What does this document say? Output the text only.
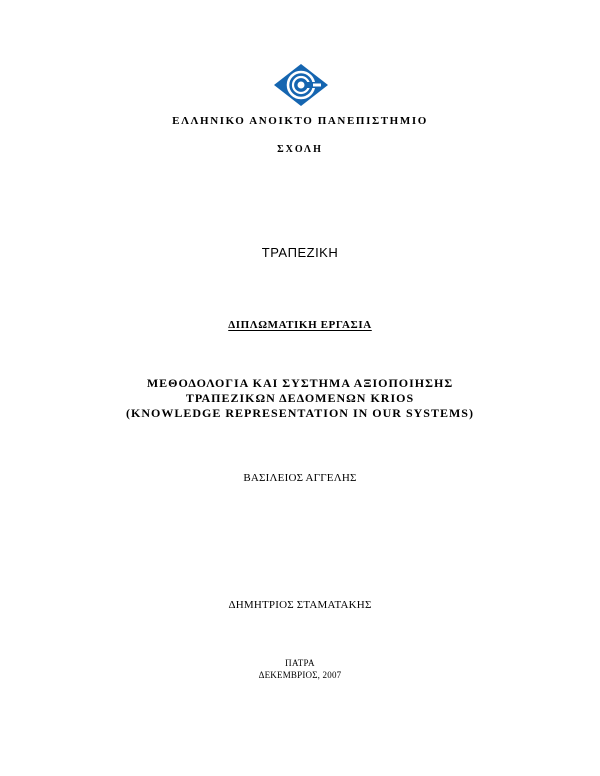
ΕΛΛΗΝΙΚΟ ΑΝΟΙΚΤΟ ΠΑΝΕΠΙΣΤΗΜΙΟ
ΣΧΟΛΗ
ΤΡΑΠΕΖΙΚΗ
ΔΙΠΛΩΜΑΤΙΚΗ ΕΡΓΑΣΙΑ
ΜΕΘΟΔΟΛΟΓΙΑ ΚΑΙ ΣΥΣΤΗΜΑ ΑΞΙΟΠΟΙΗΣΗΣ
ΤΡΑΠΕΖΙΚΩΝ ΔΕΔΟΜΕΝΩΝ KRIOS
(KNOWLEDGE REPRESENTATION IN OUR SYSTEMS)
ΒΑΣΙΛΕΙΟΣ ΑΓΓΕΛΗΣ
ΔΗΜΗΤΡΙΟΣ ΣΤΑΜΑΤΑΚΗΣ
ΠΑΤΡΑ
ΔΕΚΕΜΒΡΙΟΣ, 2007
